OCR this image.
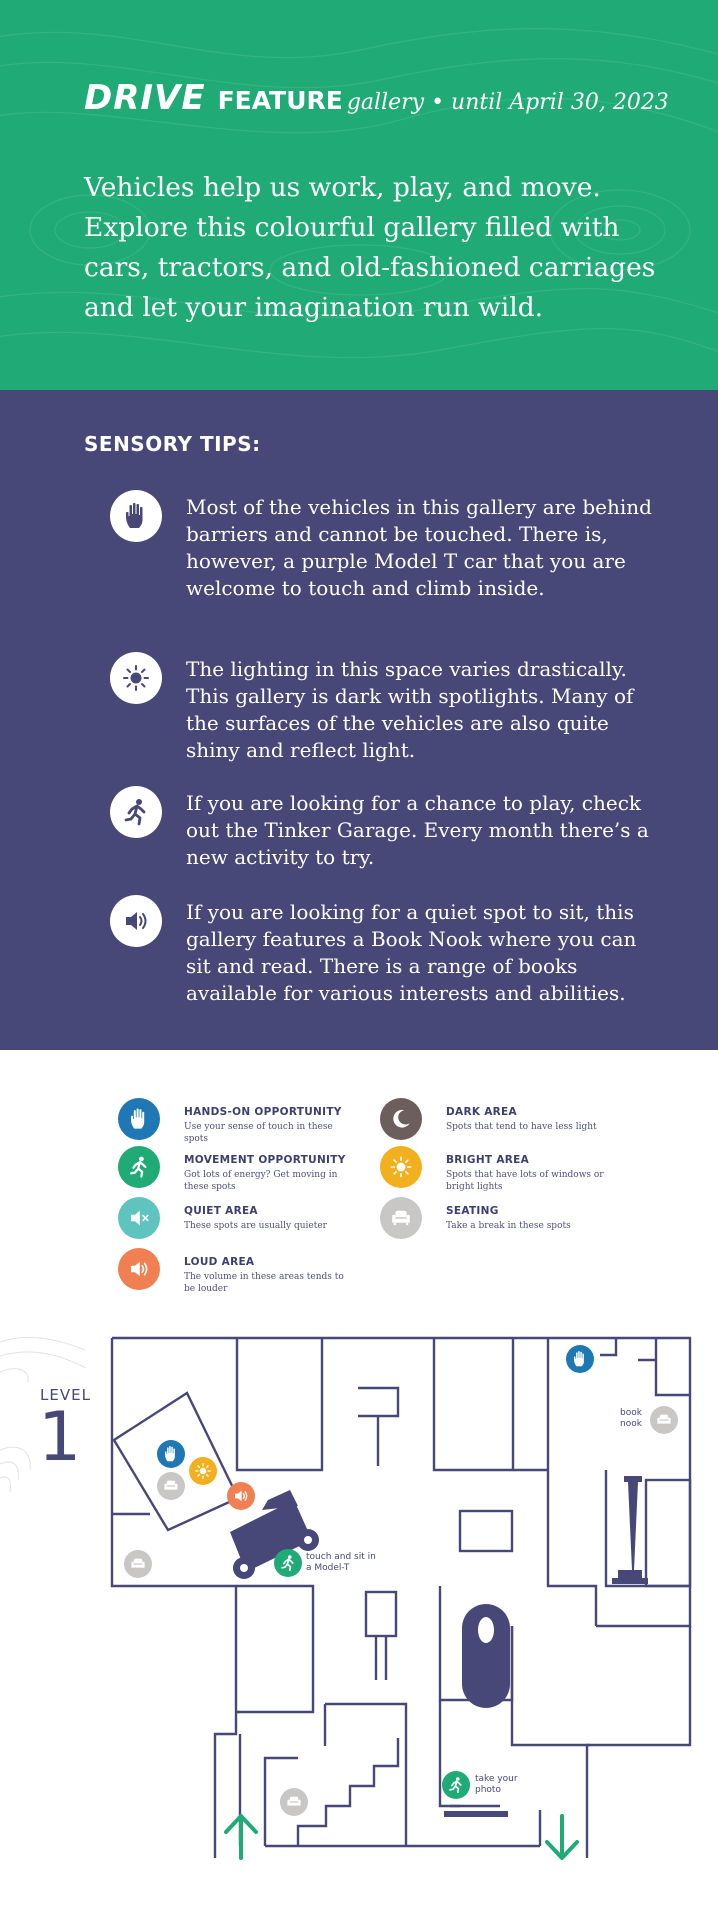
DRIVE FEATURE gallery • until April 30, 2023
Vehicles help us work, play, and move. Explore this colourful gallery filled with cars, tractors, and old-fashioned carriages and let your imagination run wild.
SENSORY TIPS:
Most of the vehicles in this gallery are behind barriers and cannot be touched. There is, however, a purple Model T car that you are welcome to touch and climb inside.
The lighting in this space varies drastically. This gallery is dark with spotlights. Many of the surfaces of the vehicles are also quite shiny and reflect light.
If you are looking for a chance to play, check out the Tinker Garage. Every month there’s a new activity to try.
If you are looking for a quiet spot to sit, this gallery features a Book Nook where you can sit and read. There is a range of books available for various interests and abilities.
HANDS-ON OPPORTUNITY
Use your sense of touch in these spots
MOVEMENT OPPORTUNITY
Got lots of energy? Get moving in these spots
QUIET AREA
These spots are usually quieter
LOUD AREA
The volume in these areas tends to be louder
DARK AREA
Spots that tend to have less light
BRIGHT AREA
Spots that have lots of windows or bright lights
SEATING
Take a break in these spots
LEVEL
1	book nook
touch and sit in a Model-T
take your photo
